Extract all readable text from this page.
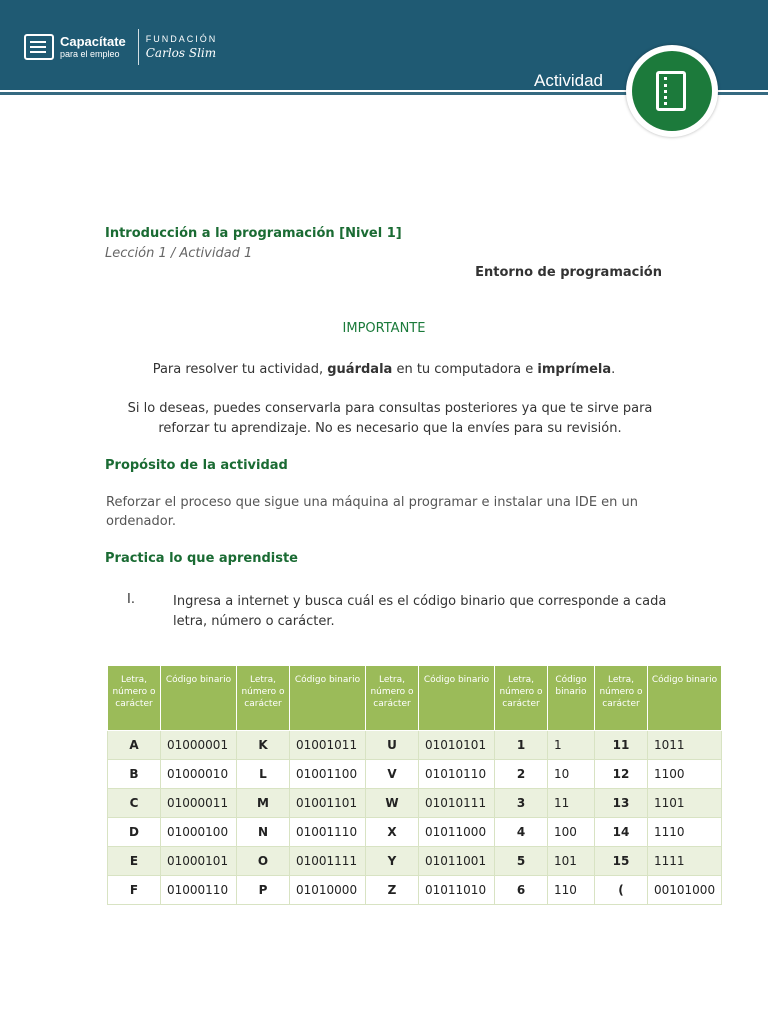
Capacítate
para el empleo
FUNDACIÓN
Carlos Slim
Actividad
Introducción a la programación [Nivel 1]
Lección 1 / Actividad 1
Entorno de programación
IMPORTANTE
Para resolver tu actividad, guárdala en tu computadora e imprímela.
Si lo deseas, puedes conservarla para consultas posteriores ya que te sirve para reforzar tu aprendizaje. No es necesario que la envíes para su revisión.
Propósito de la actividad
Reforzar el proceso que sigue una máquina al programar e instalar una IDE en un ordenador.
Practica lo que aprendiste
I.	Ingresa a internet y busca cuál es el código binario que corresponde a cada letra, número o carácter.
Letra, número o carácter	Código binario	Letra, número o carácter	Código binario	Letra, número o carácter	Código binario	Letra, número o carácter	Código binario	Letra, número o carácter	Código binario
A	01000001	K	01001011	U	01010101	1	1	11	1011
B	01000010	L	01001100	V	01010110	2	10	12	1100
C	01000011	M	01001101	W	01010111	3	11	13	1101
D	01000100	N	01001110	X	01011000	4	100	14	1110
E	01000101	O	01001111	Y	01011001	5	101	15	1111
F	01000110	P	01010000	Z	01011010	6	110	(	00101000
